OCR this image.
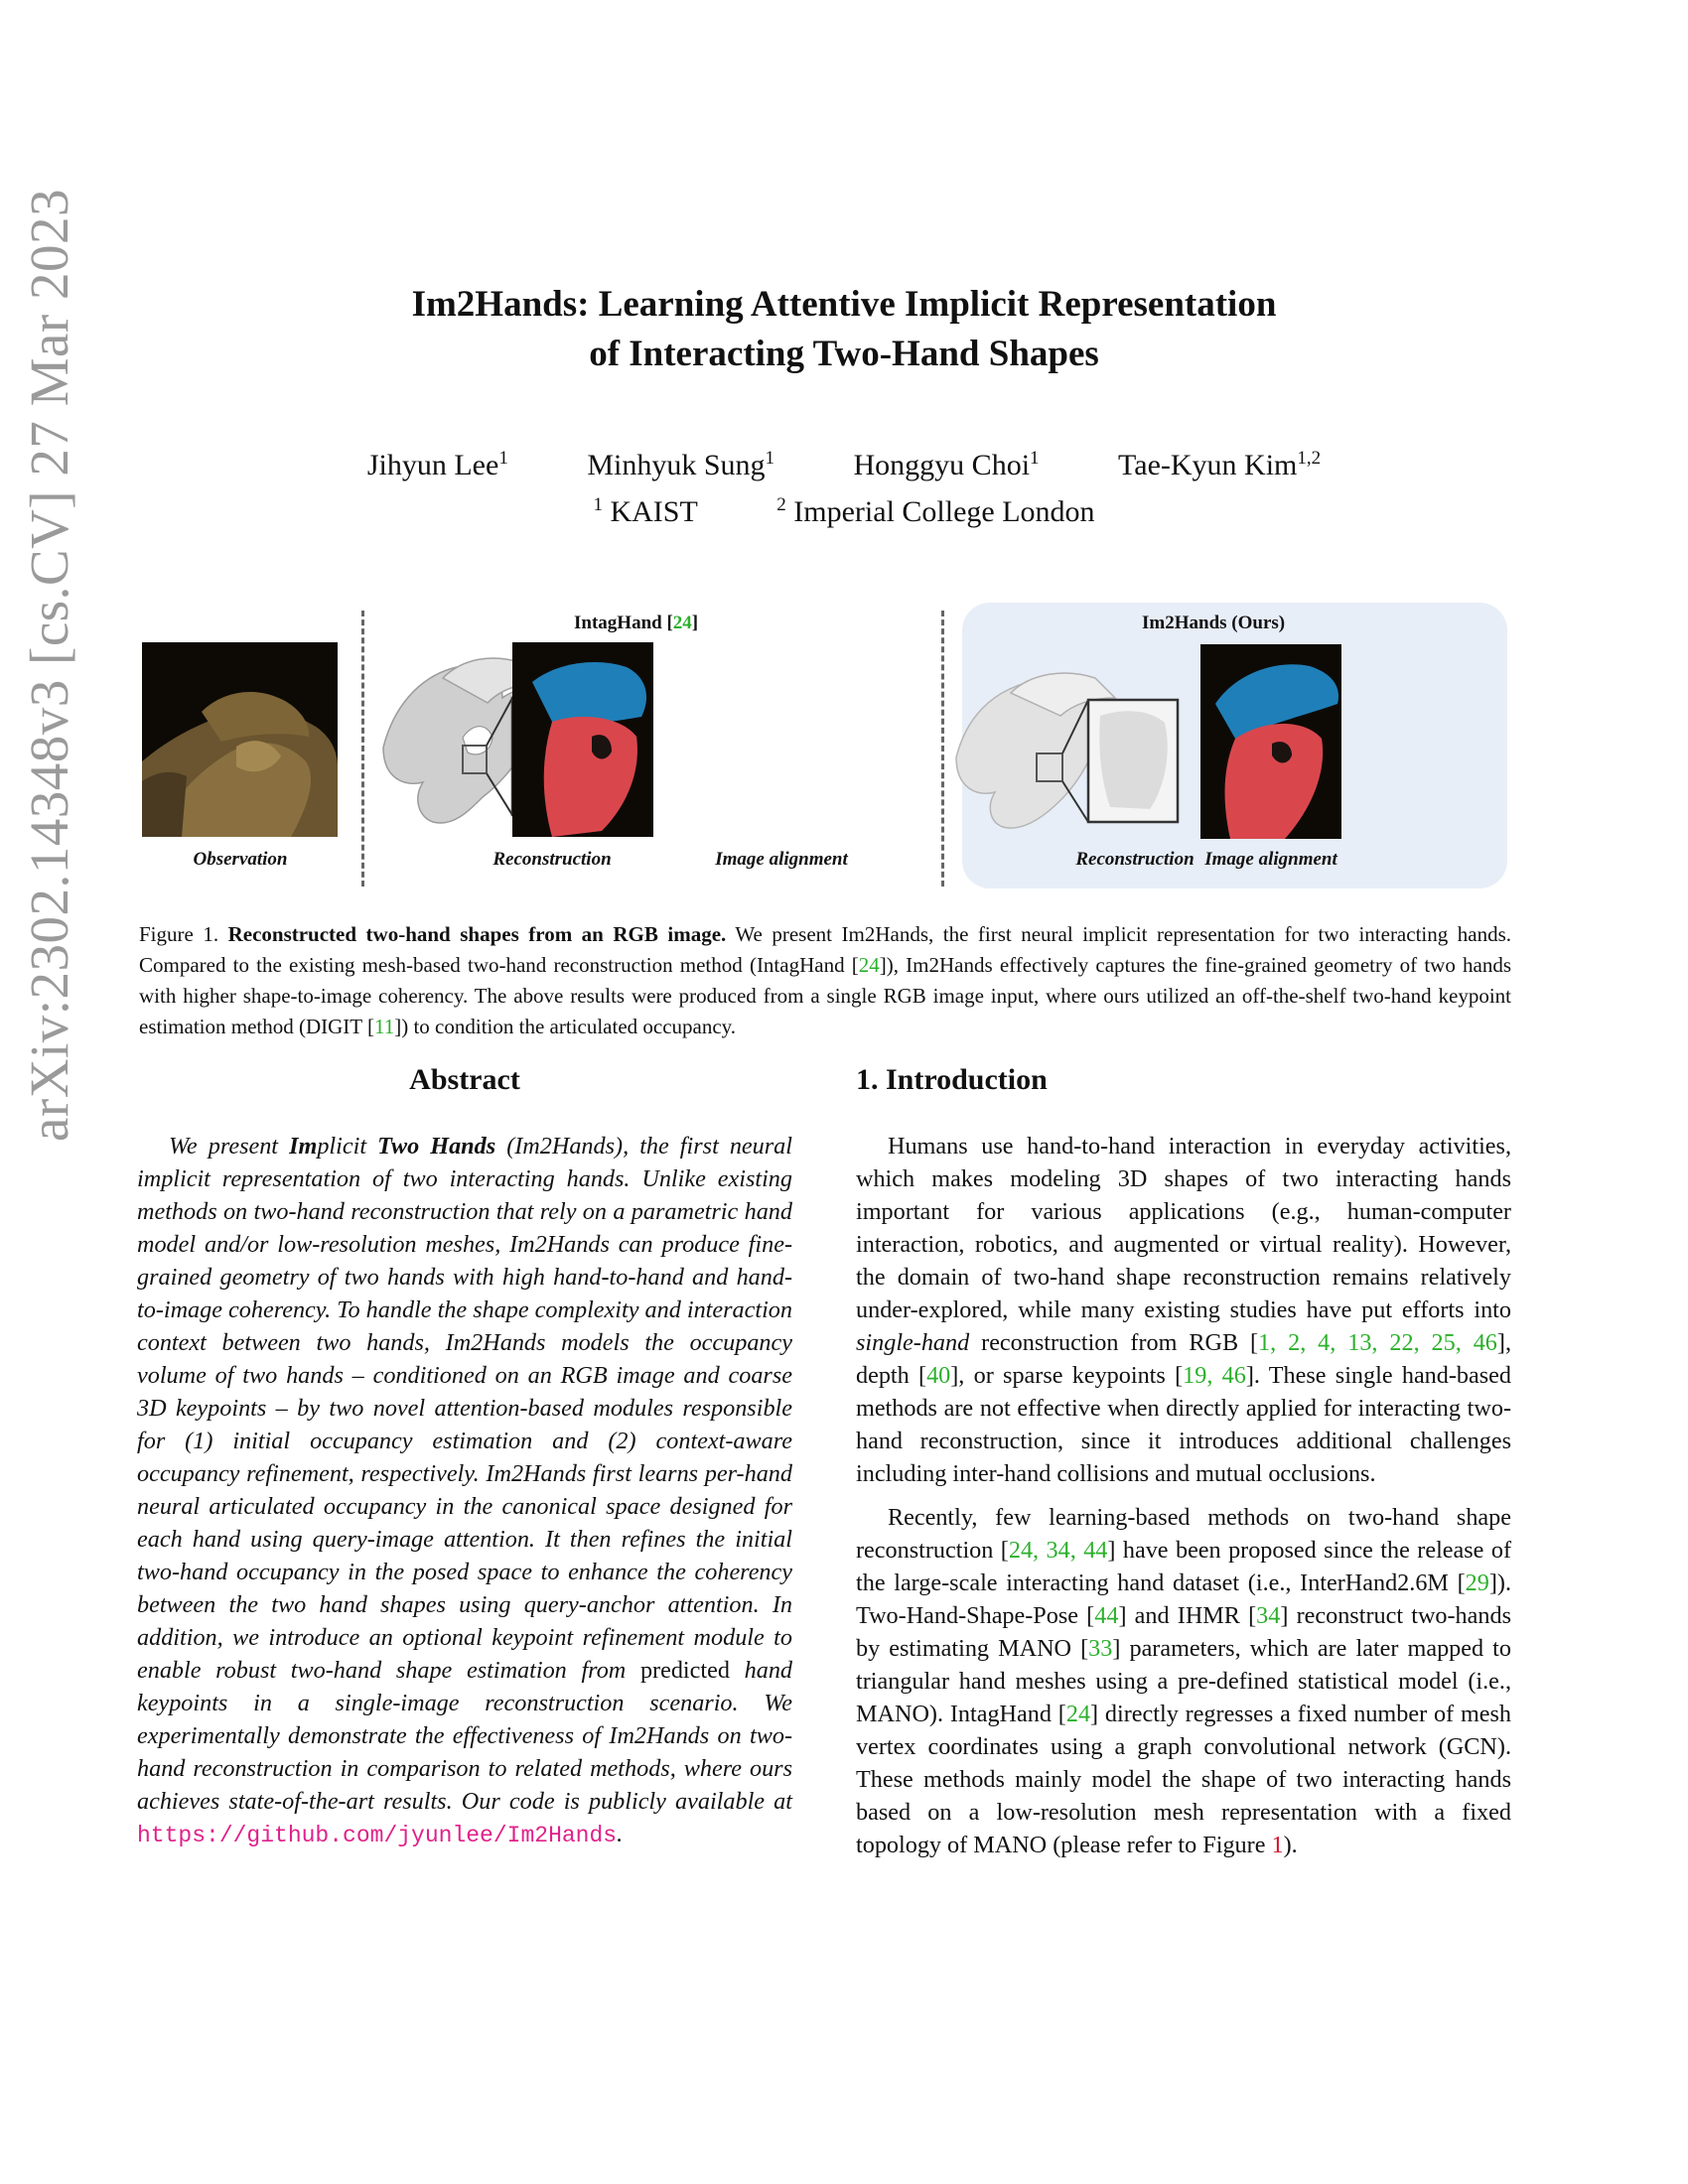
arXiv:2302.14348v3 [cs.CV] 27 Mar 2023	Im2Hands: Learning Attentive Implicit Representation
of Interacting Two-Hand Shapes
Jihyun Lee$^1$	Minhyuk Sung$^1$	Honggyu Choi$^1$	Tae-Kyun Kim$^{1,2}$
$^1$ KAIST	$^2$ Imperial College London
IntagHand [24]	Im2Hands (Ours)
Observation	Reconstruction	Image alignment	Reconstruction Image alignment
Figure 1. Reconstructed two-hand shapes from an RGB image. We present Im2Hands, the first neural implicit representation for two interacting hands. Compared to the existing mesh-based two-hand reconstruction method (IntagHand [24]), Im2Hands effectively captures the fine-grained geometry of two hands with higher shape-to-image coherency. The above results were produced from a single RGB image input, where ours utilized an off-the-shelf two-hand keypoint estimation method (DIGIT [11]) to condition the articulated occupancy.
Abstract

We present Implicit Two Hands (Im2Hands), the first neural implicit representation of two interacting hands. Unlike existing methods on two-hand reconstruction that rely on a parametric hand model and/or low-resolution meshes, Im2Hands can produce fine-grained geometry of two hands with high hand-to-hand and hand-to-image coherency. To handle the shape complexity and interaction context between two hands, Im2Hands models the occupancy volume of two hands – conditioned on an RGB image and coarse 3D keypoints – by two novel attention-based modules responsible for (1) initial occupancy estimation and (2) context-aware occupancy refinement, respectively. Im2Hands first learns per-hand neural articulated occupancy in the canonical space designed for each hand using query-image attention. It then refines the initial two-hand occupancy in the posed space to enhance the coherency between the two hand shapes using query-anchor attention. In addition, we introduce an optional keypoint refinement module to enable robust two-hand shape estimation from predicted hand keypoints in a single-image reconstruction scenario. We experimentally demonstrate the effectiveness of Im2Hands on two-hand reconstruction in comparison to related methods, where ours achieves state-of-the-art results. Our code is publicly available at https://github.com/jyunlee/Im2Hands.

1. Introduction

Humans use hand-to-hand interaction in everyday activities, which makes modeling 3D shapes of two interacting hands important for various applications (e.g., human-computer interaction, robotics, and augmented or virtual reality). However, the domain of two-hand shape reconstruction remains relatively under-explored, while many existing studies have put efforts into single-hand reconstruction from RGB [1, 2, 4, 13, 22, 25, 46], depth [40], or sparse keypoints [19, 46]. These single hand-based methods are not effective when directly applied for interacting two-hand reconstruction, since it introduces additional challenges including inter-hand collisions and mutual occlusions.

Recently, few learning-based methods on two-hand shape reconstruction [24, 34, 44] have been proposed since the release of the large-scale interacting hand dataset (i.e., InterHand2.6M [29]). Two-Hand-Shape-Pose [44] and IHMR [34] reconstruct two-hands by estimating MANO [33] parameters, which are later mapped to triangular hand meshes using a pre-defined statistical model (i.e., MANO). IntagHand [24] directly regresses a fixed number of mesh vertex coordinates using a graph convolutional network (GCN). These methods mainly model the shape of two interacting hands based on a low-resolution mesh representation with a fixed topology of MANO (please refer to Figure 1).
